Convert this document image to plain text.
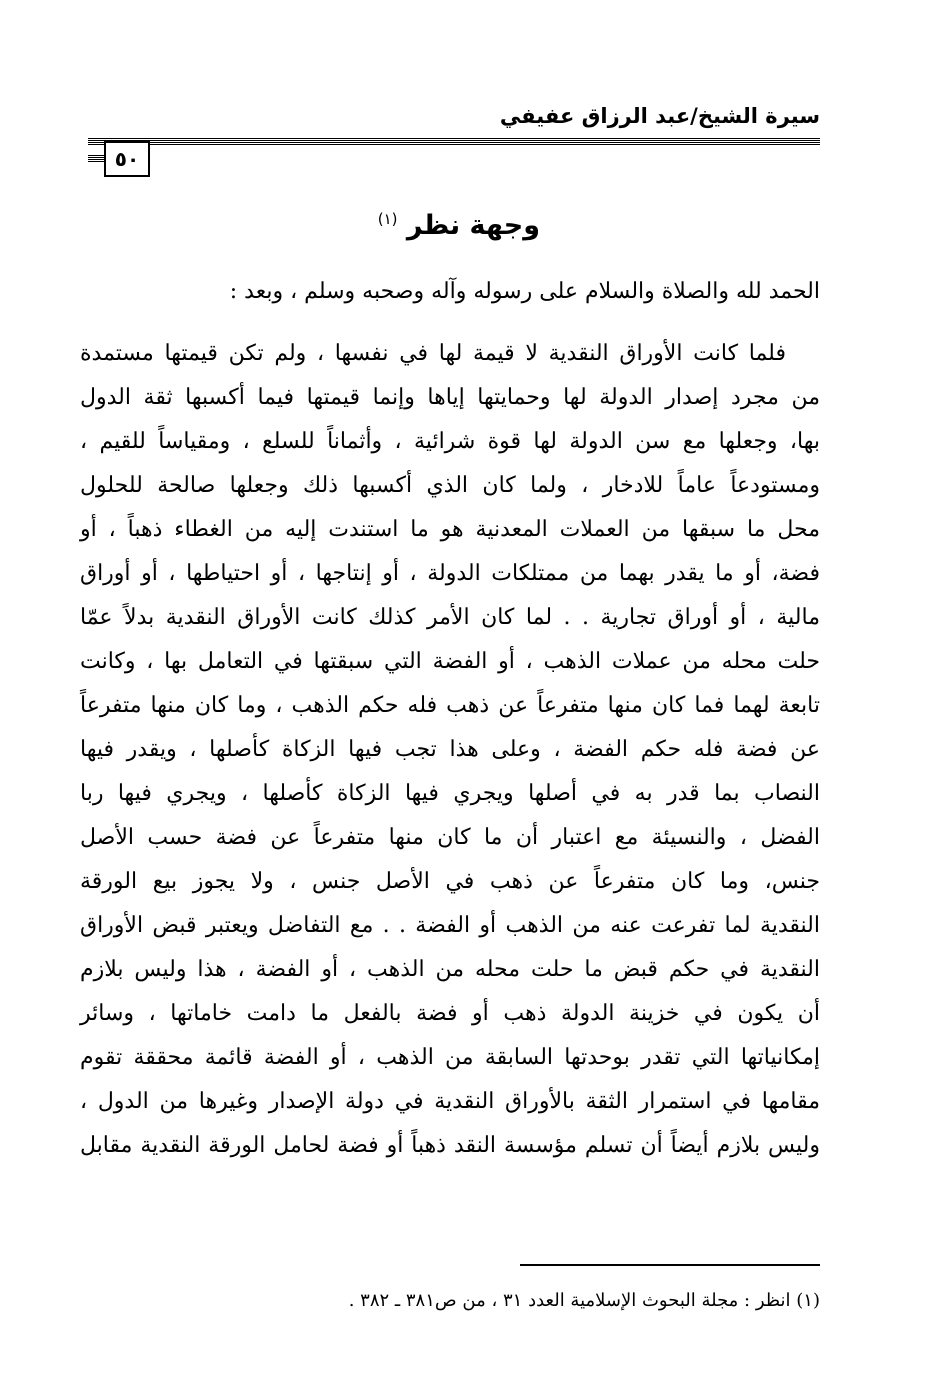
سيرة الشيخ/عبد الرزاق عفيفي
٥٠
وجهة نظر $^{(١)}$
الحمد لله والصلاة والسلام على رسوله وآله وصحبه وسلم ، وبعد :
فلما كانت الأوراق النقدية لا قيمة لها في نفسها ، ولم تكن قيمتها مستمدة
من مجرد إصدار الدولة لها وحمايتها إياها وإنما قيمتها فيما أكسبها ثقة الدول
بها، وجعلها مع سن الدولة لها قوة شرائية ، وأثماناً للسلع ، ومقياساً للقيم ،
ومستودعاً عاماً للادخار ، ولما كان الذي أكسبها ذلك وجعلها صالحة للحلول
محل ما سبقها من العملات المعدنية هو ما استندت إليه من الغطاء ذهباً ، أو
فضة، أو ما يقدر بهما من ممتلكات الدولة ، أو إنتاجها ، أو احتياطها ، أو أوراق
مالية ، أو أوراق تجارية . . لما كان الأمر كذلك كانت الأوراق النقدية بدلاً عمّا
حلت محله من عملات الذهب ، أو الفضة التي سبقتها في التعامل بها ، وكانت
تابعة لهما فما كان منها متفرعاً عن ذهب فله حكم الذهب ، وما كان منها متفرعاً
عن فضة فله حكم الفضة ، وعلى هذا تجب فيها الزكاة كأصلها ، ويقدر فيها
النصاب بما قدر به في أصلها ويجري فيها الزكاة كأصلها ، ويجري فيها ربا
الفضل ، والنسيئة مع اعتبار أن ما كان منها متفرعاً عن فضة حسب الأصل
جنس، وما كان متفرعاً عن ذهب في الأصل جنس ، ولا يجوز بيع الورقة
النقدية لما تفرعت عنه من الذهب أو الفضة . . مع التفاضل ويعتبر قبض الأوراق
النقدية في حكم قبض ما حلت محله من الذهب ، أو الفضة ، هذا وليس بلازم
أن يكون في خزينة الدولة ذهب أو فضة بالفعل ما دامت خاماتها ، وسائر
إمكانياتها التي تقدر بوحدتها السابقة من الذهب ، أو الفضة قائمة محققة تقوم
مقامها في استمرار الثقة بالأوراق النقدية في دولة الإصدار وغيرها من الدول ،
وليس بلازم أيضاً أن تسلم مؤسسة النقد ذهباً أو فضة لحامل الورقة النقدية مقابل
(١) انظر : مجلة البحوث الإسلامية العدد ٣١ ، من ص٣٨١ ـ ٣٨٢ .
